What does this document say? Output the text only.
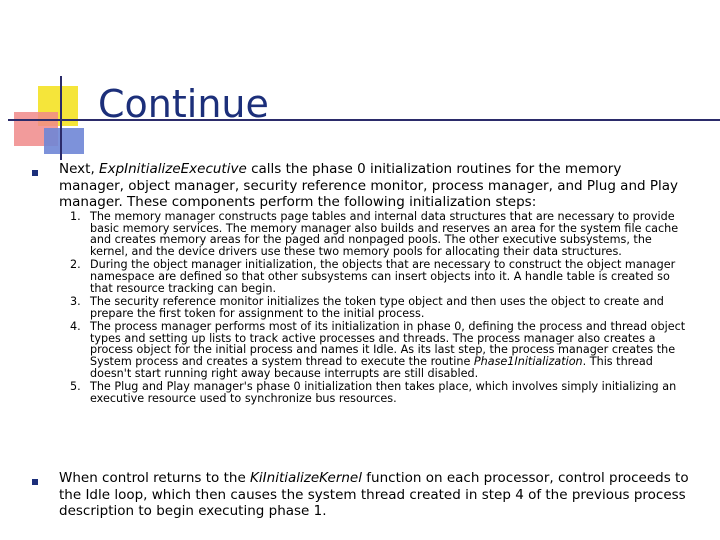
Continue
Next, ExpInitializeExecutive calls the phase 0 initialization routines for the memory manager, object manager, security reference monitor, process manager, and Plug and Play manager. These components perform the following initialization steps:
1. The memory manager constructs page tables and internal data structures that are necessary to provide basic memory services. The memory manager also builds and reserves an area for the system file cache and creates memory areas for the paged and nonpaged pools. The other executive subsystems, the kernel, and the device drivers use these two memory pools for allocating their data structures.
2. During the object manager initialization, the objects that are necessary to construct the object manager namespace are defined so that other subsystems can insert objects into it. A handle table is created so that resource tracking can begin.
3. The security reference monitor initializes the token type object and then uses the object to create and prepare the first token for assignment to the initial process.
4. The process manager performs most of its initialization in phase 0, defining the process and thread object types and setting up lists to track active processes and threads. The process manager also creates a process object for the initial process and names it Idle. As its last step, the process manager creates the System process and creates a system thread to execute the routine Phase1Initialization. This thread doesn't start running right away because interrupts are still disabled.
5. The Plug and Play manager's phase 0 initialization then takes place, which involves simply initializing an executive resource used to synchronize bus resources.
When control returns to the KiInitializeKernel function on each processor, control proceeds to the Idle loop, which then causes the system thread created in step 4 of the previous process description to begin executing phase 1.
